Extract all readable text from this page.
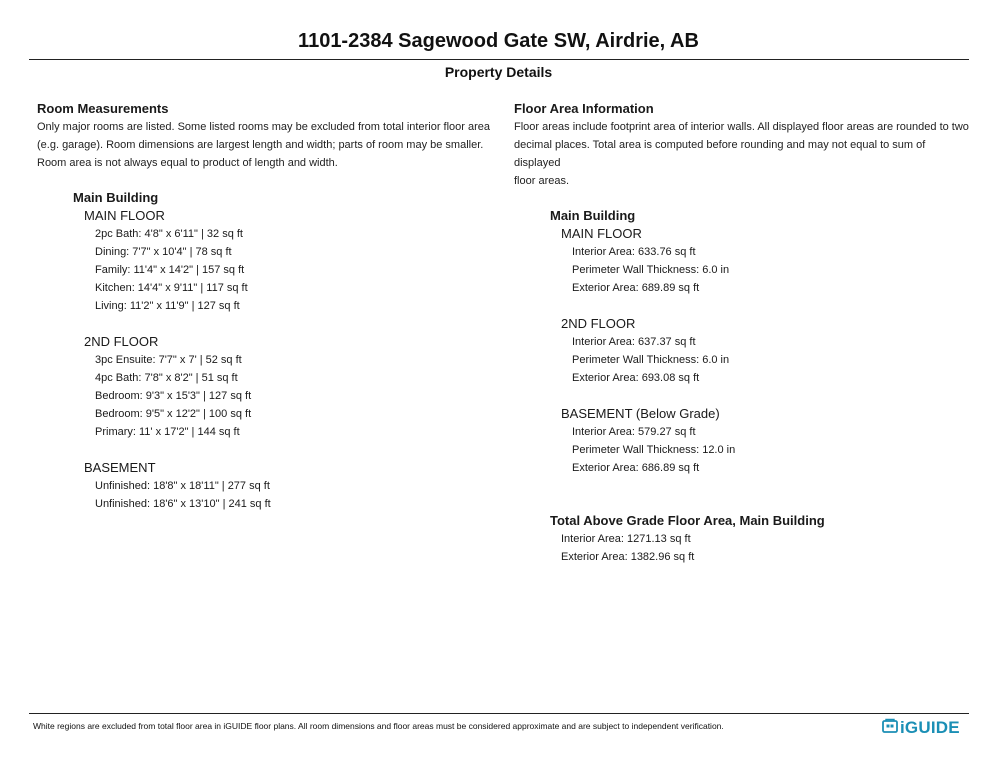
1101-2384 Sagewood Gate SW, Airdrie, AB
Property Details
Room Measurements
Only major rooms are listed. Some listed rooms may be excluded from total interior floor area
(e.g. garage). Room dimensions are largest length and width; parts of room may be smaller.
Room area is not always equal to product of length and width.
Main Building
MAIN FLOOR
2pc Bath: 4'8" x 6'11" | 32 sq ft
Dining: 7'7" x 10'4" | 78 sq ft
Family: 11'4" x 14'2" | 157 sq ft
Kitchen: 14'4" x 9'11" | 117 sq ft
Living: 11'2" x 11'9" | 127 sq ft
2ND FLOOR
3pc Ensuite: 7'7" x 7' | 52 sq ft
4pc Bath: 7'8" x 8'2" | 51 sq ft
Bedroom: 9'3" x 15'3" | 127 sq ft
Bedroom: 9'5" x 12'2" | 100 sq ft
Primary: 11' x 17'2" | 144 sq ft
BASEMENT
Unfinished: 18'8" x 18'11" | 277 sq ft
Unfinished: 18'6" x 13'10" | 241 sq ft
Floor Area Information
Floor areas include footprint area of interior walls. All displayed floor areas are rounded to two
decimal places. Total area is computed before rounding and may not equal to sum of displayed
floor areas.
Main Building
MAIN FLOOR
Interior Area: 633.76 sq ft
Perimeter Wall Thickness: 6.0 in
Exterior Area: 689.89 sq ft
2ND FLOOR
Interior Area: 637.37 sq ft
Perimeter Wall Thickness: 6.0 in
Exterior Area: 693.08 sq ft
BASEMENT (Below Grade)
Interior Area: 579.27 sq ft
Perimeter Wall Thickness: 12.0 in
Exterior Area: 686.89 sq ft
Total Above Grade Floor Area, Main Building
Interior Area: 1271.13 sq ft
Exterior Area: 1382.96 sq ft
White regions are excluded from total floor area in iGUIDE floor plans. All room dimensions and floor areas must be considered approximate and are subject to independent verification.	iGUIDE
